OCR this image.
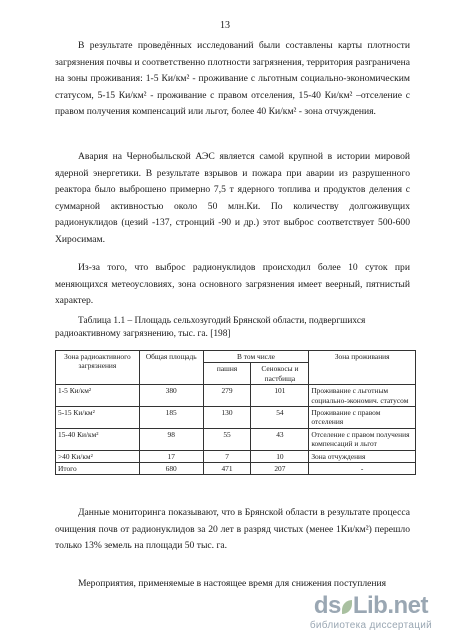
13
В результате проведённых исследований были составлены карты плотности загрязнения почвы и соответственно плотности загрязнения, территория разграничена на зоны проживания: 1-5 Ки/км² - проживание с льготным социально-экономическим статусом, 5-15 Ки/км² - проживание с правом отселения, 15-40 Ки/км² –отселение с правом получения компенсаций или льгот, более 40 Ки/км² - зона отчуждения.
Авария на Чернобыльской АЭС является самой крупной в истории мировой ядерной энергетики. В результате взрывов и пожара при аварии из разрушенного реактора было выброшено примерно 7,5 т ядерного топлива и продуктов деления с суммарной активностью около 50 млн.Ки. По количеству долгоживущих радионуклидов (цезий -137, стронций -90 и др.) этот выброс соответствует 500-600 Хиросимам.
Из-за того, что выброс радионуклидов происходил более 10 суток при меняющихся метеоусловиях, зона основного загрязнения имеет веерный, пятнистый характер.
Таблица 1.1 – Площадь сельхозугодий Брянской области, подвергшихся радиоактивному загрязнению, тыс. га. [198]
Зона радиоактивного загрязнения	Общая площадь	В том числе		Зона проживания
		пашня	Сенокосы и пастбища	
1-5 Ки/км²	380	279	101	Проживание с льготным социально-экономич. статусом
5-15 Ки/км²	185	130	54	Проживание с правом отселения
15-40 Ки/км²	98	55	43	Отселение с правом получения компенсаций и льгот
>40 Ки/км²	17	7	10	Зона отчуждения
Итого	680	471	207	-
Данные мониторинга показывают, что в Брянской области в результате процесса очищения почв от радионуклидов за 20 лет в разряд чистых (менее 1Ки/км²) перешло только 13% земель на площади 50 тыс. га.
Мероприятия, применяемые в настоящее время для снижения поступления
ds Lib.net
библиотека диссертаций
